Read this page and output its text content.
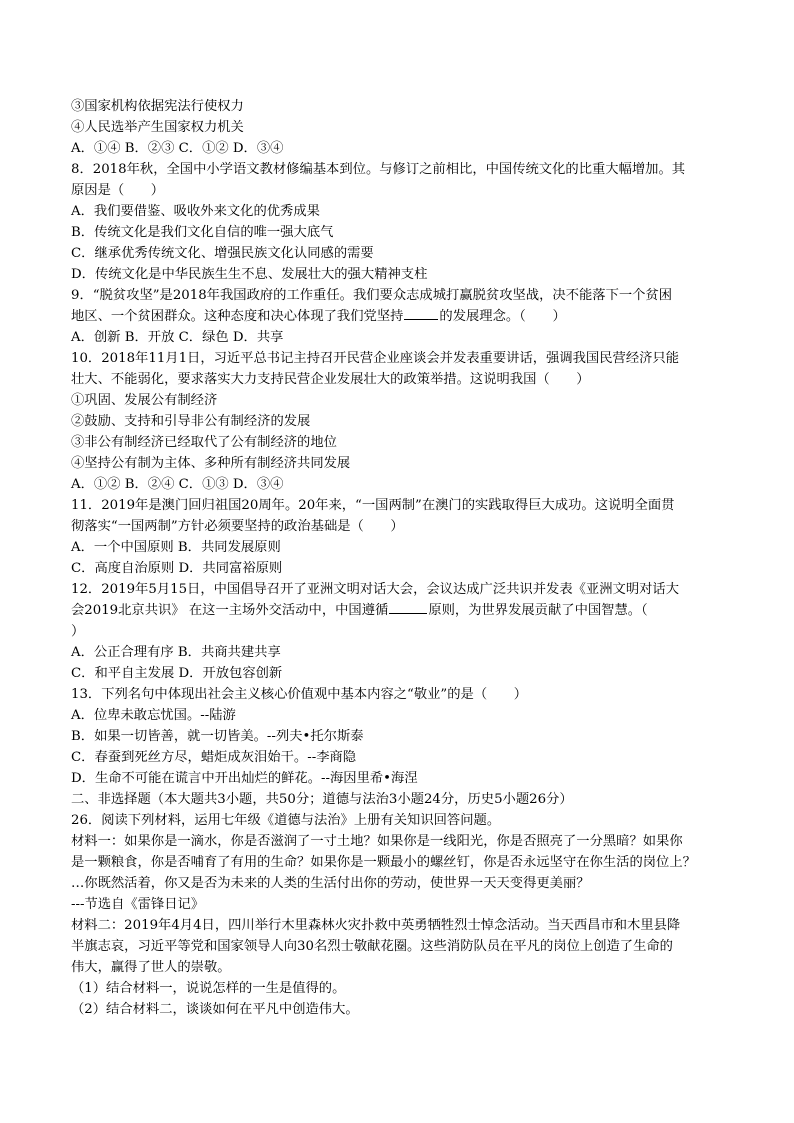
③国家机构依据宪法行使权力
④人民选举产生国家权力机关
A．①④ B．②③ C．①② D．③④
8．2018年秋，全国中小学语文教材修编基本到位。与修订之前相比，中国传统文化的比重大幅增加。其
原因是（　　）
A．我们要借鉴、吸收外来文化的优秀成果
B．传统文化是我们文化自信的唯一强大底气
C．继承优秀传统文化、增强民族文化认同感的需要
D．传统文化是中华民族生生不息、发展壮大的强大精神支柱
9．“脱贫攻坚”是2018年我国政府的工作重任。我们要众志成城打赢脱贫攻坚战，决不能落下一个贫困
地区、一个贫困群众。这种态度和决心体现了我们党坚持	的发展理念。（　　）
A．创新 B．开放 C．绿色 D．共享
10．2018年11月1日，习近平总书记主持召开民营企业座谈会并发表重要讲话，强调我国民营经济只能
壮大、不能弱化，要求落实大力支持民营企业发展壮大的政策举措。这说明我国（　　）
①巩固、发展公有制经济
②鼓励、支持和引导非公有制经济的发展
③非公有制经济已经取代了公有制经济的地位
④坚持公有制为主体、多种所有制经济共同发展
A．①② B．②④ C．①③ D．③④
11．2019年是澳门回归祖国20周年。20年来，“一国两制”在澳门的实践取得巨大成功。这说明全面贯
彻落实“一国两制”方针必须要坚持的政治基础是（　　）
A．一个中国原则 B．共同发展原则
C．高度自治原则 D．共同富裕原则
12．2019年5月15日，中国倡导召开了亚洲文明对话大会，会议达成广泛共识并发表《亚洲文明对话大
会2019北京共识》 在这一主场外交活动中，中国遵循	原则，为世界发展贡献了中国智慧。（
）
A．公正合理有序 B．共商共建共享
C．和平自主发展 D．开放包容创新
13．下列名句中体现出社会主义核心价值观中基本内容之“敬业”的是（　　）
A．位卑未敢忘忧国。--陆游
B．如果一切皆善，就一切皆美。--列夫•托尔斯泰
C．春蚕到死丝方尽，蜡炬成灰泪始干。--李商隐
D．生命不可能在谎言中开出灿烂的鲜花。--海因里希•海涅
二、非选择题（本大题共3小题，共50分；道德与法治3小题24分，历史5小题26分）
26．阅读下列材料，运用七年级《道德与法治》上册有关知识回答问题。
材料一：如果你是一滴水，你是否滋润了一寸土地？如果你是一线阳光，你是否照亮了一分黑暗？如果你
是一颗粮食，你是否哺育了有用的生命？如果你是一颗最小的螺丝钉，你是否永远坚守在你生活的岗位上？
…你既然活着，你又是否为未来的人类的生活付出你的劳动，使世界一天天变得更美丽？
---节选自《雷锋日记》
材料二：2019年4月4日，四川举行木里森林火灾扑救中英勇牺牲烈士悼念活动。当天西昌市和木里县降
半旗志哀，习近平等党和国家领导人向30名烈士敬献花圈。这些消防队员在平凡的岗位上创造了生命的
伟大，赢得了世人的崇敬。
（1）结合材料一，说说怎样的一生是值得的。
（2）结合材料二，谈谈如何在平凡中创造伟大。
